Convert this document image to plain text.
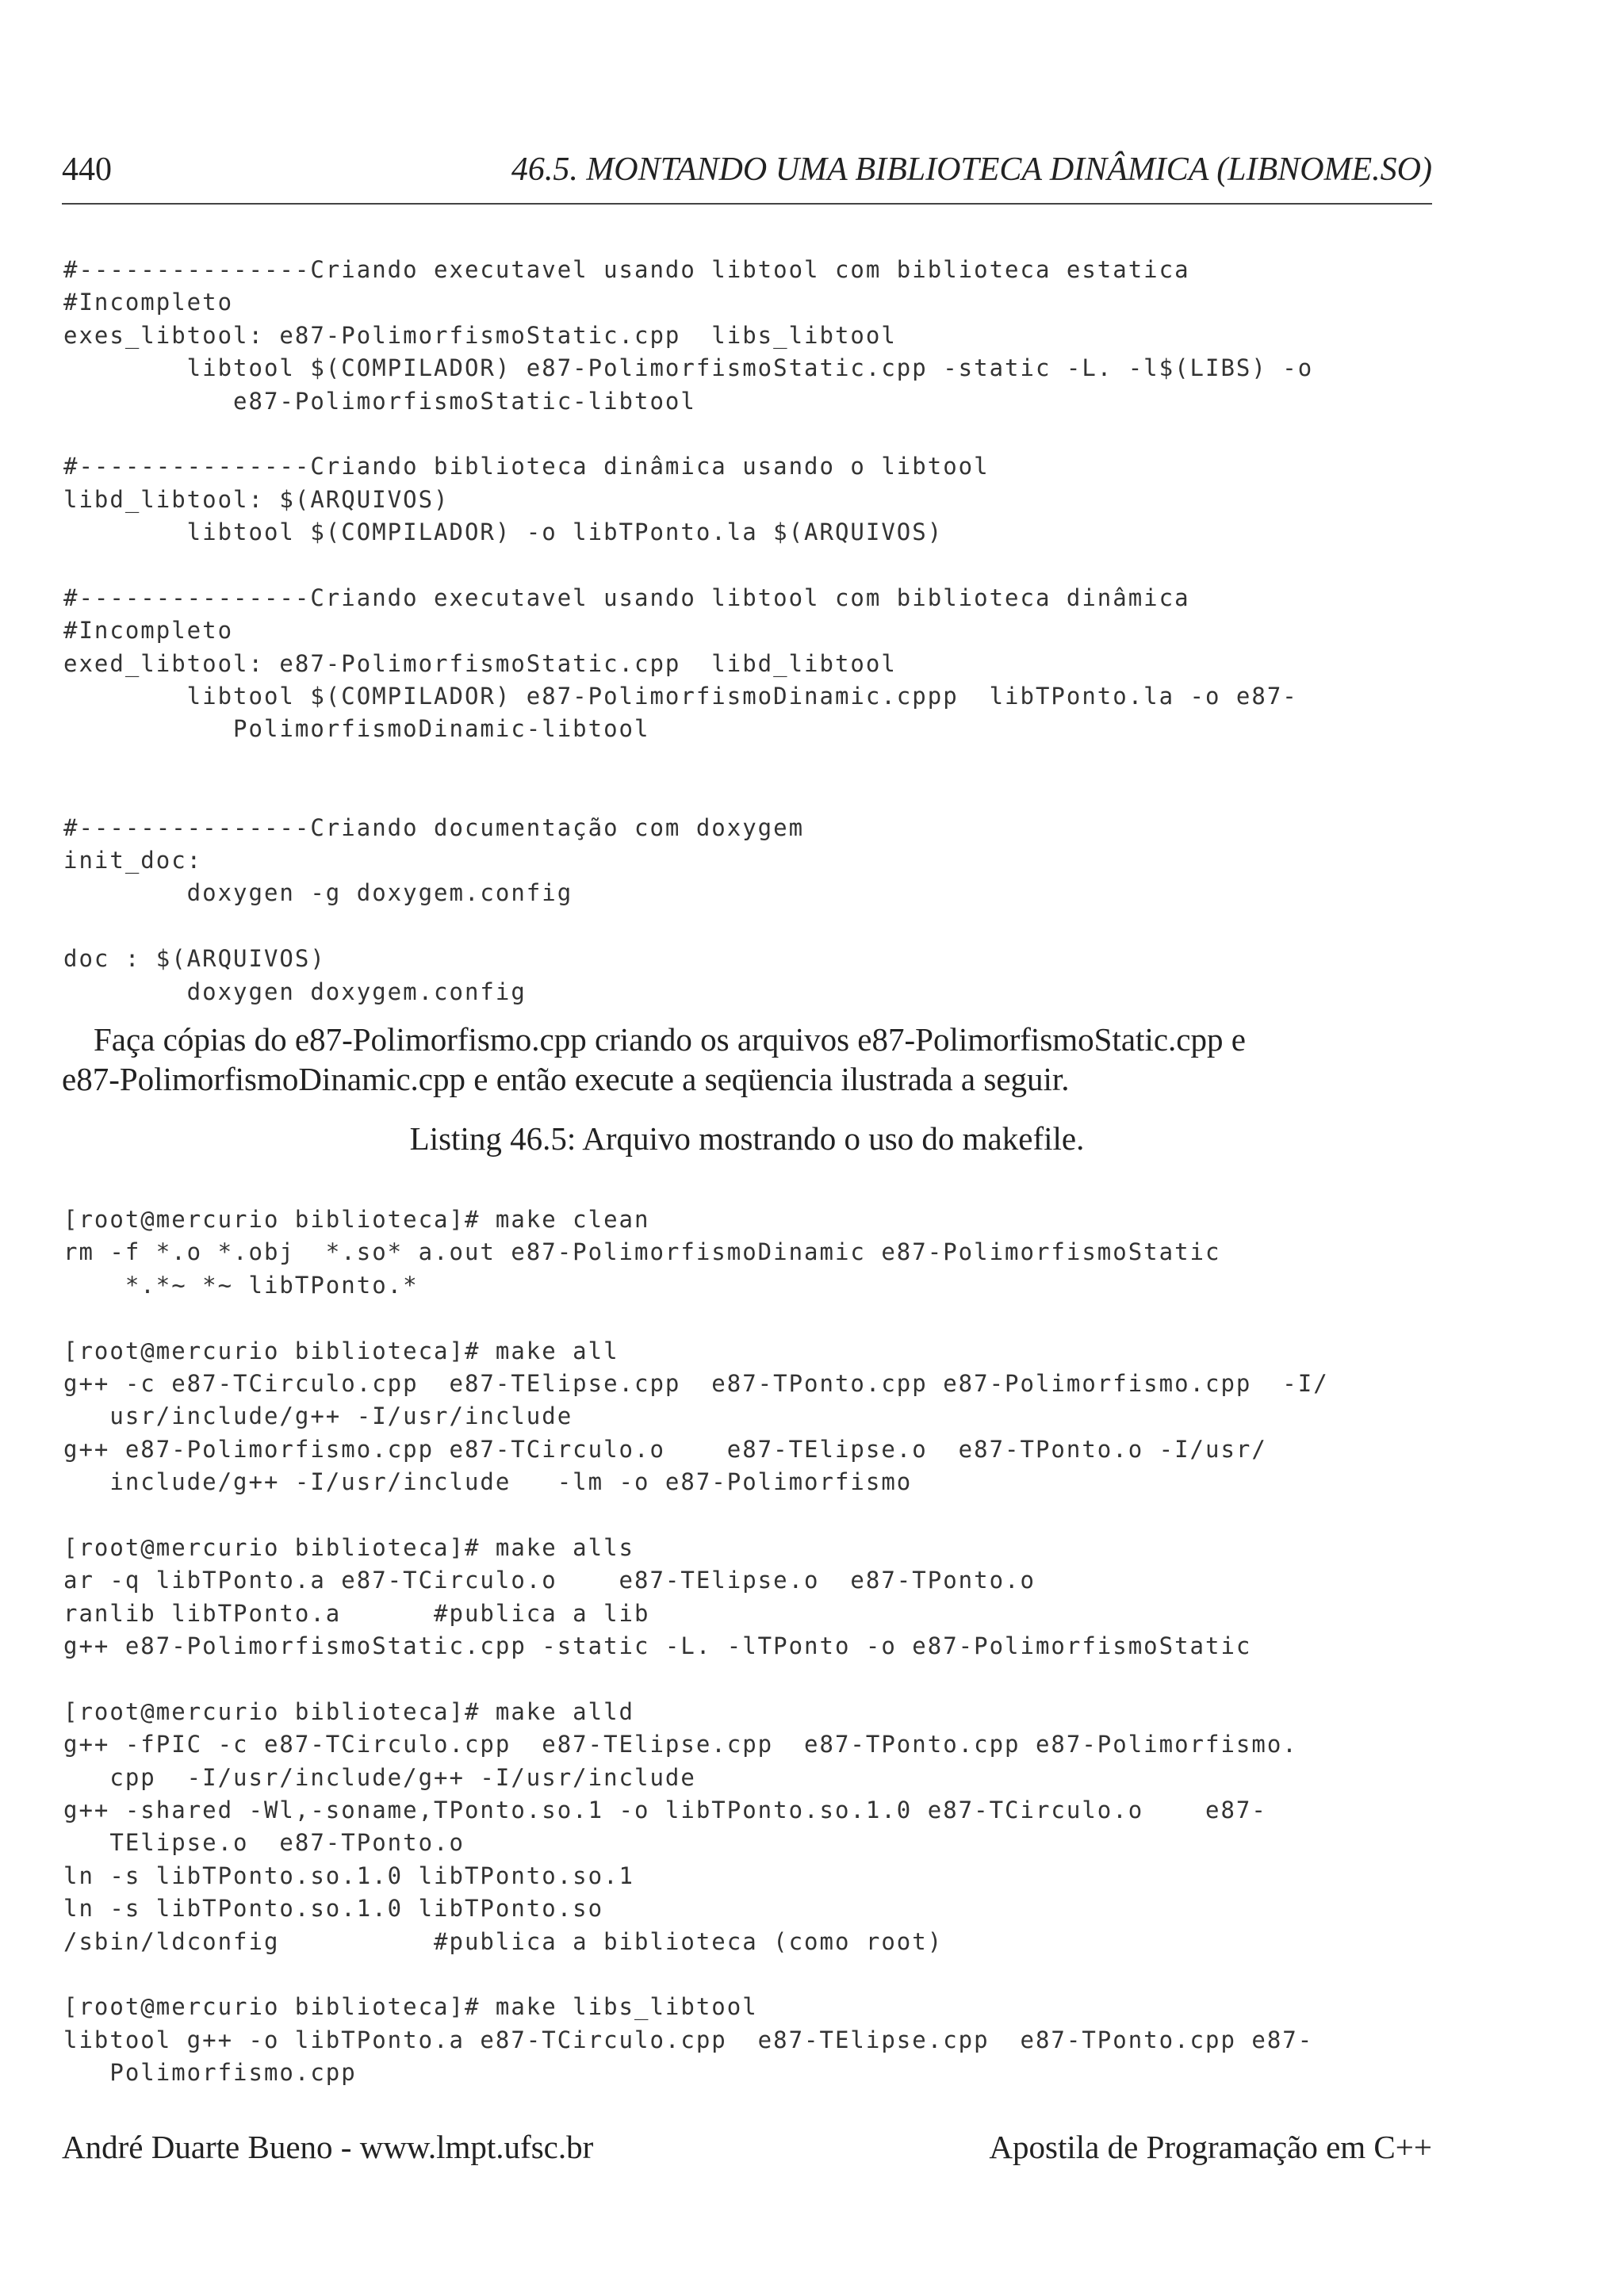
440	46.5. MONTANDO UMA BIBLIOTECA DINÂMICA (LIBNOME.SO)
#---------------Criando executavel usando libtool com biblioteca estatica
#Incompleto
exes_libtool: e87-PolimorfismoStatic.cpp  libs_libtool
libtool $(COMPILADOR) e87-PolimorfismoStatic.cpp -static -L. -l$(LIBS) -o
e87-PolimorfismoStatic-libtool
#---------------Criando biblioteca dinâmica usando o libtool
libd_libtool: $(ARQUIVOS)
libtool $(COMPILADOR) -o libTPonto.la $(ARQUIVOS)
#---------------Criando executavel usando libtool com biblioteca dinâmica
#Incompleto
exed_libtool: e87-PolimorfismoStatic.cpp  libd_libtool
libtool $(COMPILADOR) e87-PolimorfismoDinamic.cppp  libTPonto.la -o e87-
PolimorfismoDinamic-libtool
#---------------Criando documentação com doxygem
init_doc:
doxygen -g doxygem.config
doc : $(ARQUIVOS)
doxygen doxygem.config

Faça cópias do e87-Polimorfismo.cpp criando os arquivos e87-PolimorfismoStatic.cpp e
e87-PolimorfismoDinamic.cpp e então execute a seqüencia ilustrada a seguir.

Listing 46.5: Arquivo mostrando o uso do makefile.
[root@mercurio biblioteca]# make clean
rm -f *.o *.obj  *.so* a.out e87-PolimorfismoDinamic e87-PolimorfismoStatic
*.*~ *~ libTPonto.*
[root@mercurio biblioteca]# make all
g++ -c e87-TCirculo.cpp  e87-TElipse.cpp  e87-TPonto.cpp e87-Polimorfismo.cpp  -I/
usr/include/g++ -I/usr/include
g++ e87-Polimorfismo.cpp e87-TCirculo.o    e87-TElipse.o  e87-TPonto.o -I/usr/
include/g++ -I/usr/include   -lm -o e87-Polimorfismo
[root@mercurio biblioteca]# make alls
ar -q libTPonto.a e87-TCirculo.o    e87-TElipse.o  e87-TPonto.o
ranlib libTPonto.a      #publica a lib
g++ e87-PolimorfismoStatic.cpp -static -L. -lTPonto -o e87-PolimorfismoStatic
[root@mercurio biblioteca]# make alld
g++ -fPIC -c e87-TCirculo.cpp  e87-TElipse.cpp  e87-TPonto.cpp e87-Polimorfismo.
cpp  -I/usr/include/g++ -I/usr/include
g++ -shared -Wl,-soname,TPonto.so.1 -o libTPonto.so.1.0 e87-TCirculo.o    e87-
TElipse.o  e87-TPonto.o
ln -s libTPonto.so.1.0 libTPonto.so.1
ln -s libTPonto.so.1.0 libTPonto.so
/sbin/ldconfig          #publica a biblioteca (como root)
[root@mercurio biblioteca]# make libs_libtool
libtool g++ -o libTPonto.a e87-TCirculo.cpp  e87-TElipse.cpp  e87-TPonto.cpp e87-
Polimorfismo.cpp
André Duarte Bueno - www.lmpt.ufsc.br	Apostila de Programação em C++
